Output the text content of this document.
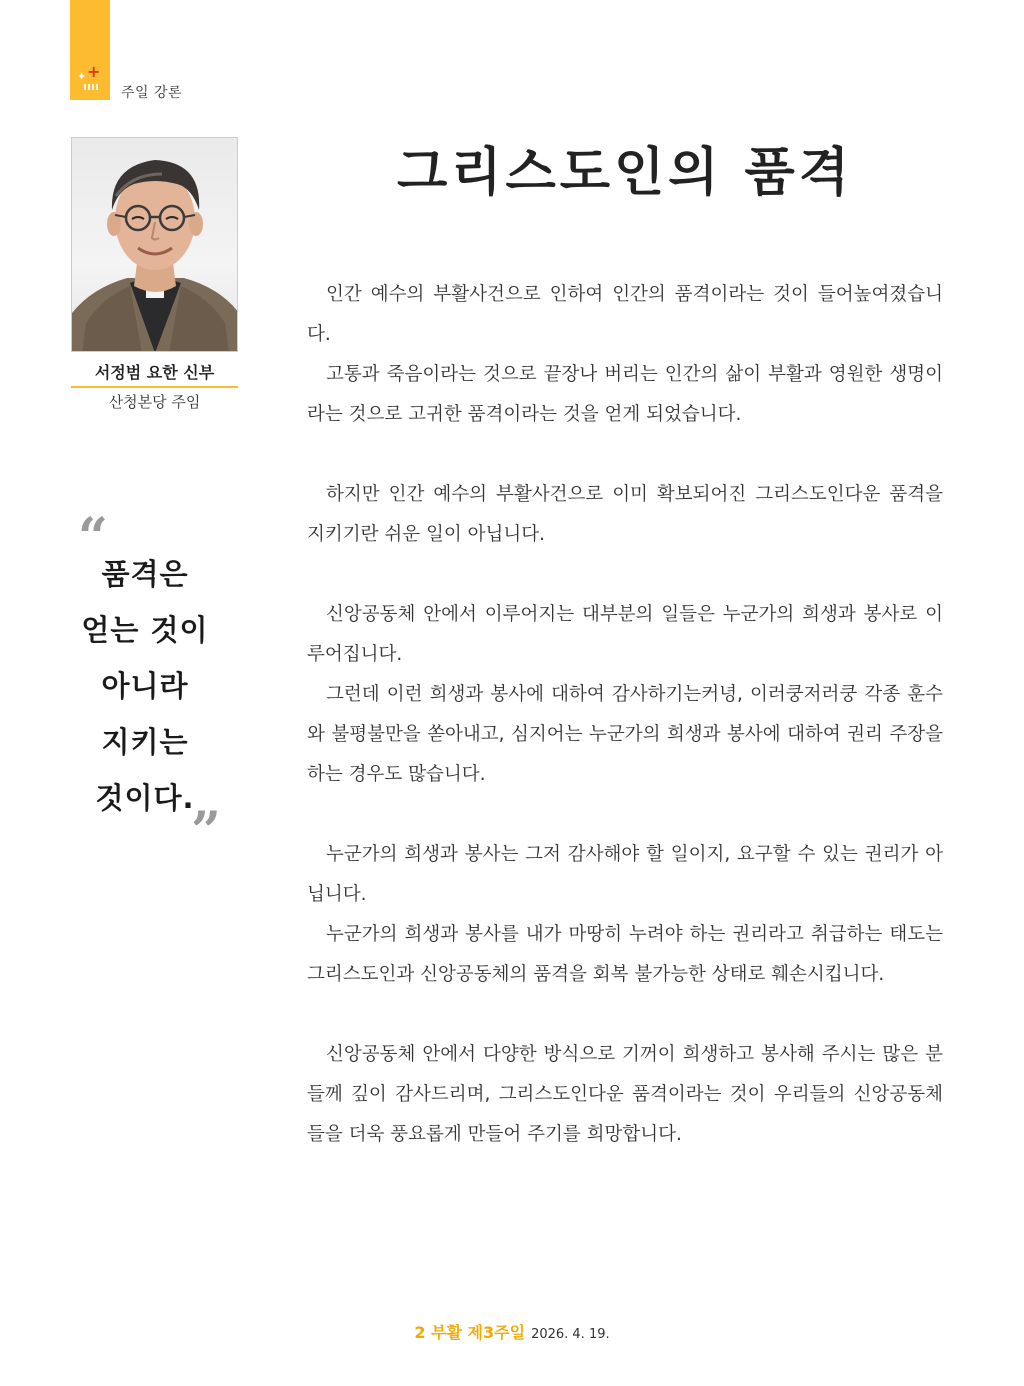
✦ +
주일 강론
서정범 요한 신부
산청본당 주임
“
품격은
얻는 것이
아니라
지키는
것이다.
”
그리스도인의 품격

인간 예수의 부활사건으로 인하여 인간의 품격이라는 것이 들어높여졌습니다.

고통과 죽음이라는 것으로 끝장나 버리는 인간의 삶이 부활과 영원한 생명이라는 것으로 고귀한 품격이라는 것을 얻게 되었습니다.

하지만 인간 예수의 부활사건으로 이미 확보되어진 그리스도인다운 품격을 지키기란 쉬운 일이 아닙니다.

신앙공동체 안에서 이루어지는 대부분의 일들은 누군가의 희생과 봉사로 이루어집니다.

그런데 이런 희생과 봉사에 대하여 감사하기는커녕, 이러쿵저러쿵 각종 훈수와 불평불만을 쏟아내고, 심지어는 누군가의 희생과 봉사에 대하여 권리 주장을 하는 경우도 많습니다.

누군가의 희생과 봉사는 그저 감사해야 할 일이지, 요구할 수 있는 권리가 아닙니다.

누군가의 희생과 봉사를 내가 마땅히 누려야 하는 권리라고 취급하는 태도는 그리스도인과 신앙공동체의 품격을 회복 불가능한 상태로 훼손시킵니다.

신앙공동체 안에서 다양한 방식으로 기꺼이 희생하고 봉사해 주시는 많은 분들께 깊이 감사드리며, 그리스도인다운 품격이라는 것이 우리들의 신앙공동체들을 더욱 풍요롭게 만들어 주기를 희망합니다.

2 부활 제3주일 2026. 4. 19.
